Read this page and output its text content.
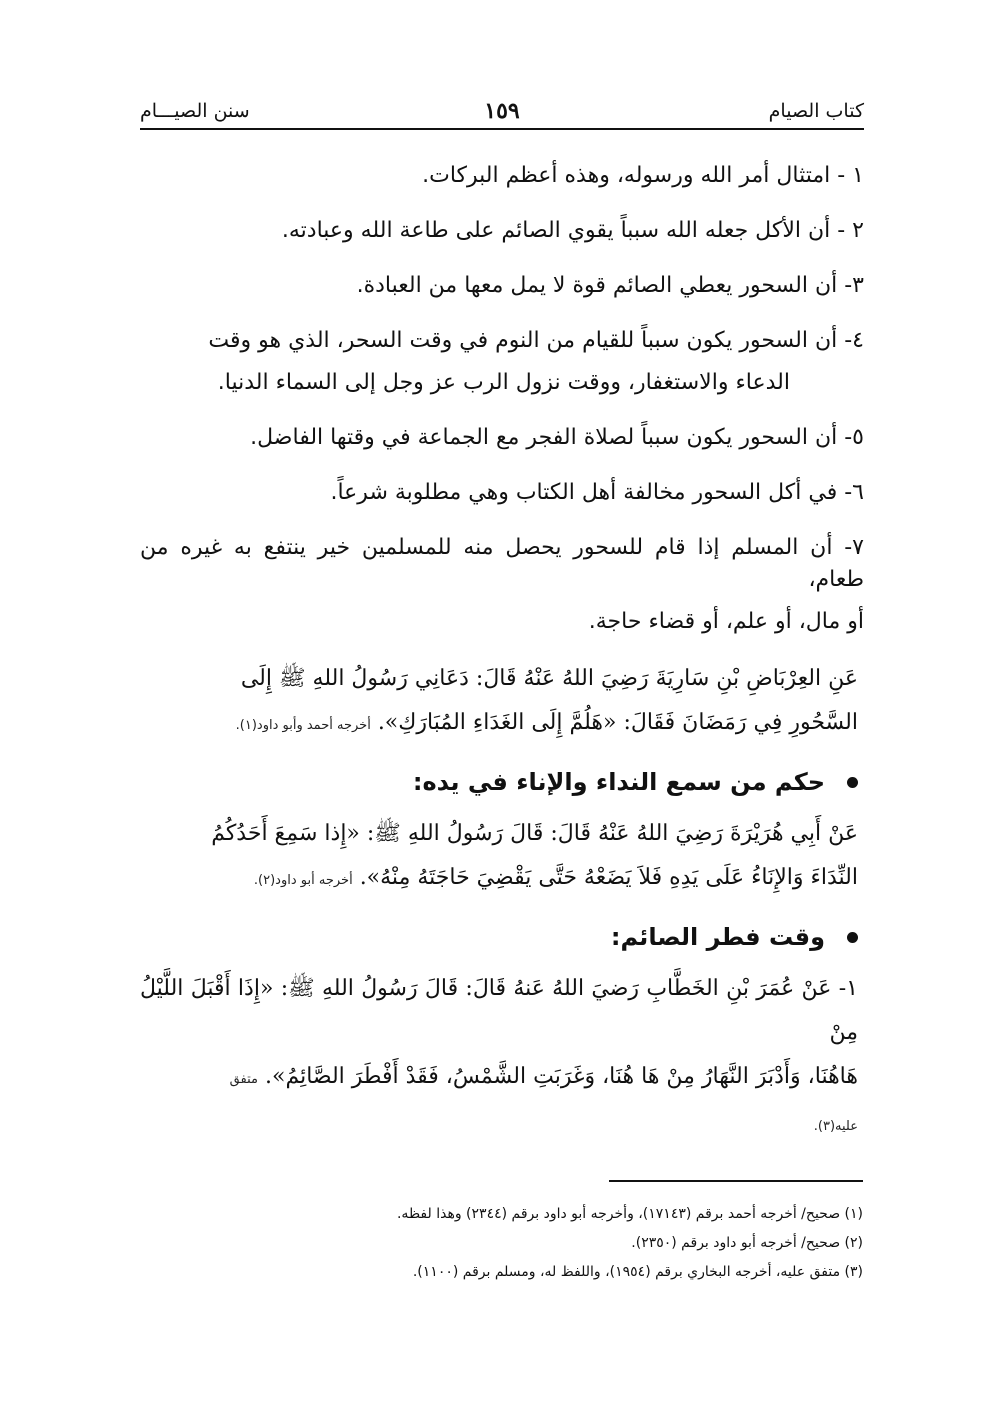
كتاب الصيام
١٥٩
سنن الصيـــام

١ - امتثال أمر الله ورسوله، وهذه أعظم البركات.

٢ - أن الأكل جعله الله سبباً يقوي الصائم على طاعة الله وعبادته.

٣- أن السحور يعطي الصائم قوة لا يمل معها من العبادة.

٤- أن السحور يكون سبباً للقيام من النوم في وقت السحر، الذي هو وقت

الدعاء والاستغفار، ووقت نزول الرب عز وجل إلى السماء الدنيا.

٥- أن السحور يكون سبباً لصلاة الفجر مع الجماعة في وقتها الفاضل.

٦- في أكل السحور مخالفة أهل الكتاب وهي مطلوبة شرعاً.

٧- أن المسلم إذا قام للسحور يحصل منه للمسلمين خير ينتفع به غيره من طعام،

أو مال، أو علم، أو قضاء حاجة.

عَنِ العِرْبَاضِ بْنِ سَارِيَةَ رَضِيَ اللهُ عَنْهُ قَالَ: دَعَانِي رَسُولُ اللهِ ﷺ إِلَى
السَّحُورِ فِي رَمَضَانَ فَقَالَ: «هَلُمَّ إِلَى الغَدَاءِ المُبَارَكِ». أخرجه أحمد وأبو داود(١).
حكم من سمع النداء والإناء في يده:
عَنْ أَبِي هُرَيْرَةَ رَضِيَ اللهُ عَنْهُ قَالَ: قَالَ رَسُولُ اللهِ ﷺ: «إِذا سَمِعَ أَحَدُكُمُ
النِّدَاءَ وَالإِنَاءُ عَلَى يَدِهِ فَلاَ يَضَعْهُ حَتَّى يَقْضِيَ حَاجَتَهُ مِنْهُ». أخرجه أبو داود(٢).
وقت فطر الصائم:
١- عَنْ عُمَرَ بْنِ الخَطَّابِ رَضيَ اللهُ عَنهُ قَالَ: قَالَ رَسُولُ اللهِ ﷺ: «إِذَا أَقْبَلَ اللَّيْلُ مِنْ
هَاهُنَا، وَأَدْبَرَ النَّهَارُ مِنْ هَا هُنَا، وَغَرَبَتِ الشَّمْسُ، فَقَدْ أَفْطَرَ الصَّائِمُ». متفق
عليه(٣).
(١) صحيح/ أخرجه أحمد برقم (١٧١٤٣)، وأخرجه أبو داود برقم (٢٣٤٤) وهذا لفظه.
(٢) صحيح/ أخرجه أبو داود برقم (٢٣٥٠).
(٣) متفق عليه، أخرجه البخاري برقم (١٩٥٤)، واللفظ له، ومسلم برقم (١١٠٠).
